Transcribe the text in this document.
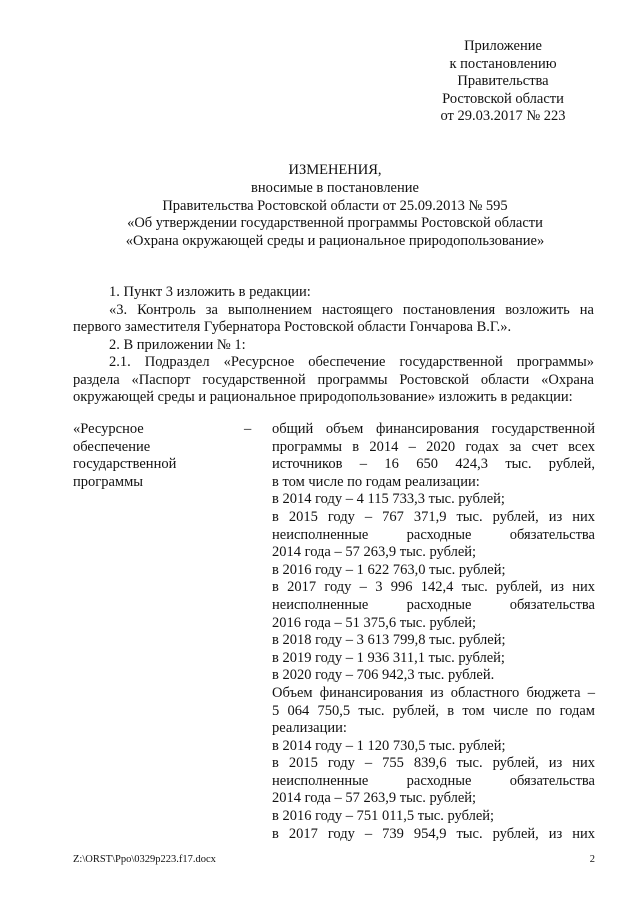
Приложение
к постановлению
Правительства
Ростовской области
от 29.03.2017 № 223
ИЗМЕНЕНИЯ,
вносимые в постановление
Правительства Ростовской области от 25.09.2013 № 595
«Об утверждении государственной программы Ростовской области
«Охрана окружающей среды и рациональное природопользование»
1. Пункт 3 изложить в редакции:
«3. Контроль за выполнением настоящего постановления возложить на
первого заместителя Губернатора Ростовской области Гончарова В.Г.».
2. В приложении № 1:
2.1. Подраздел «Ресурсное обеспечение государственной программы»
раздела «Паспорт государственной программы Ростовской области «Охрана
окружающей среды и рациональное природопользование» изложить в редакции:
«Ресурсное
обеспечение
государственной
программы
– общий объем финансирования государственной
программы в 2014 – 2020 годах за счет всех
источников – 16 650 424,3 тыс. рублей,
в том числе по годам реализации:
в 2014 году – 4 115 733,3 тыс. рублей;
в 2015 году – 767 371,9 тыс. рублей, из них
неисполненные расходные обязательства
2014 года – 57 263,9 тыс. рублей;
в 2016 году – 1 622 763,0 тыс. рублей;
в 2017 году – 3 996 142,4 тыс. рублей, из них
неисполненные расходные обязательства
2016 года – 51 375,6 тыс. рублей;
в 2018 году – 3 613 799,8 тыс. рублей;
в 2019 году – 1 936 311,1 тыс. рублей;
в 2020 году – 706 942,3 тыс. рублей.
Объем финансирования из областного бюджета –
5 064 750,5 тыс. рублей, в том числе по годам
реализации:
в 2014 году – 1 120 730,5 тыс. рублей;
в 2015 году – 755 839,6 тыс. рублей, из них
неисполненные расходные обязательства
2014 года – 57 263,9 тыс. рублей;
в 2016 году – 751 011,5 тыс. рублей;
в 2017 году – 739 954,9 тыс. рублей, из них
Z:\ORST\Ppo\0329p223.f17.docx	2
